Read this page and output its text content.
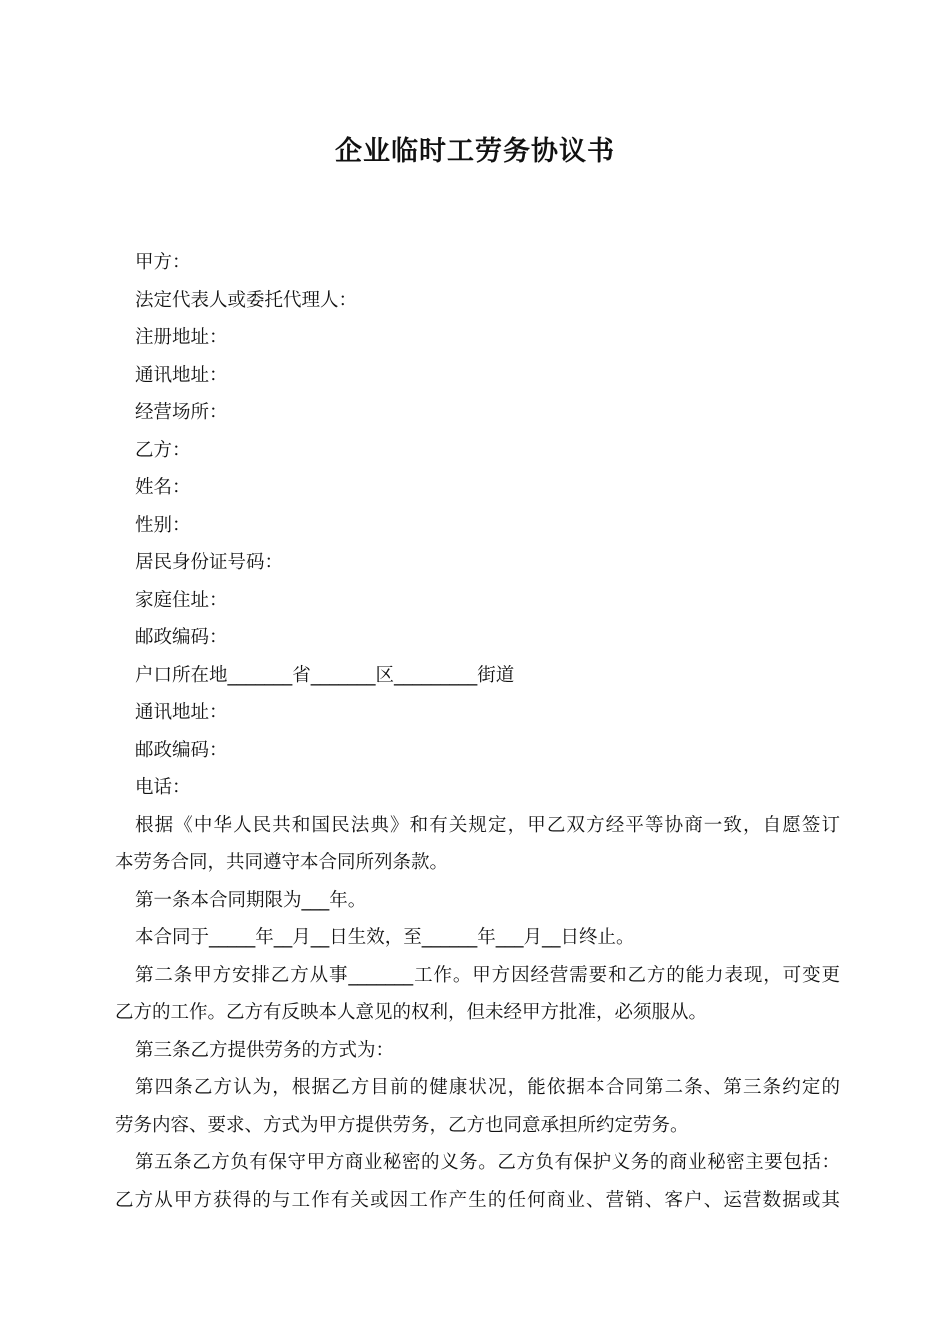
企业临时工劳务协议书

甲方：

法定代表人或委托代理人：

注册地址：

通讯地址：

经营场所：

乙方：

姓名：

性别：

居民身份证号码：

家庭住址：

邮政编码：

户口所在地_______省_______区_________街道

通讯地址：

邮政编码：

电话：

根据《中华人民共和国民法典》和有关规定，甲乙双方经平等协商一致，自愿签订

本劳务合同，共同遵守本合同所列条款。

第一条本合同期限为___年。

本合同于_____年__月__日生效，至______年___月__日终止。

第二条甲方安排乙方从事_______工作。甲方因经营需要和乙方的能力表现，可变更

乙方的工作。乙方有反映本人意见的权利，但未经甲方批准，必须服从。

第三条乙方提供劳务的方式为：

第四条乙方认为，根据乙方目前的健康状况，能依据本合同第二条、第三条约定的

劳务内容、要求、方式为甲方提供劳务，乙方也同意承担所约定劳务。

第五条乙方负有保守甲方商业秘密的义务。乙方负有保护义务的商业秘密主要包括：

乙方从甲方获得的与工作有关或因工作产生的任何商业、营销、客户、运营数据或其
